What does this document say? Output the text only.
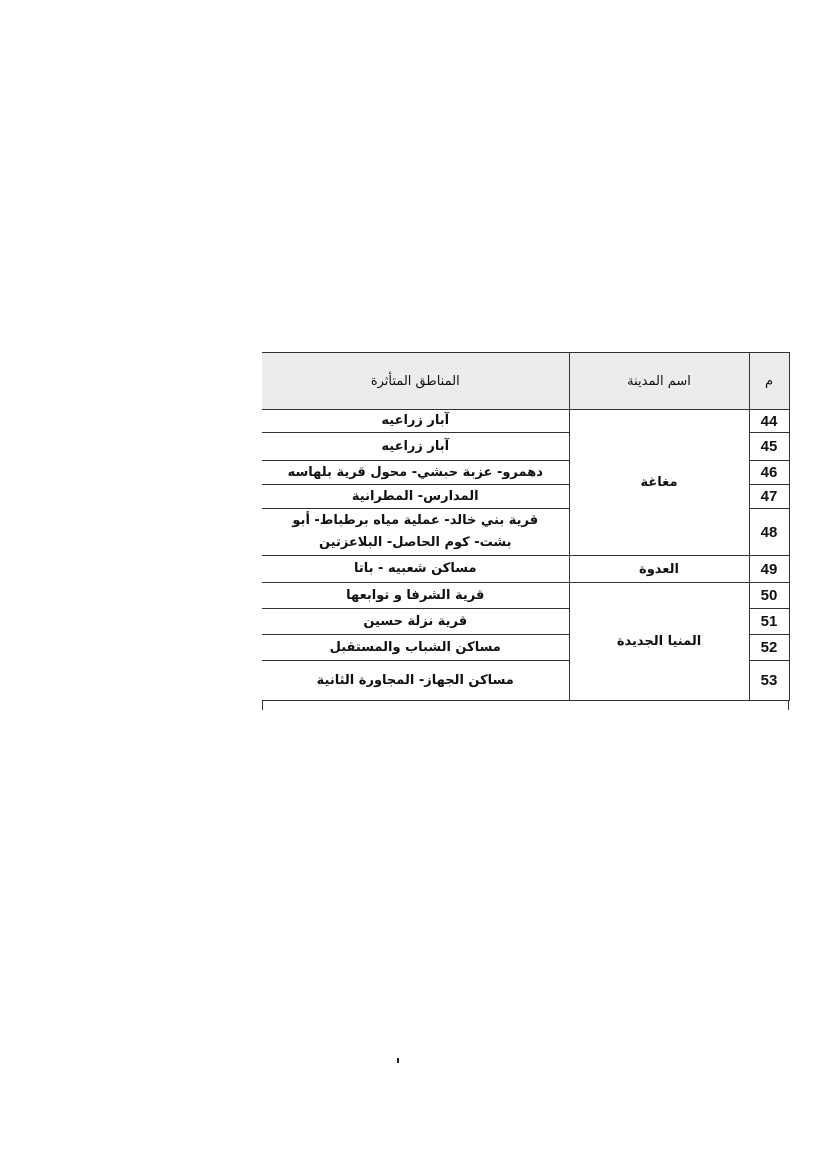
م	اسم المدينة	المناطق المتأثرة
44	مغاغة	آبار زراعيه
45		آبار زراعيه
46		دهمرو- عزبة حبشي- محول قرية بلهاسه
47		المدارس- المطرانية
48		قرية بني خالد- عملية مياه برطباط- أبو بشت- كوم الحاصل- البلاعزتين
49	العدوة	مساكن شعبيه - باتا
50	المنيا الجديدة	قرية الشرفا و توابعها
51		قرية نزلة حسين
52		مساكن الشباب والمستقبل
53		مساكن الجهاز- المجاورة الثانية
